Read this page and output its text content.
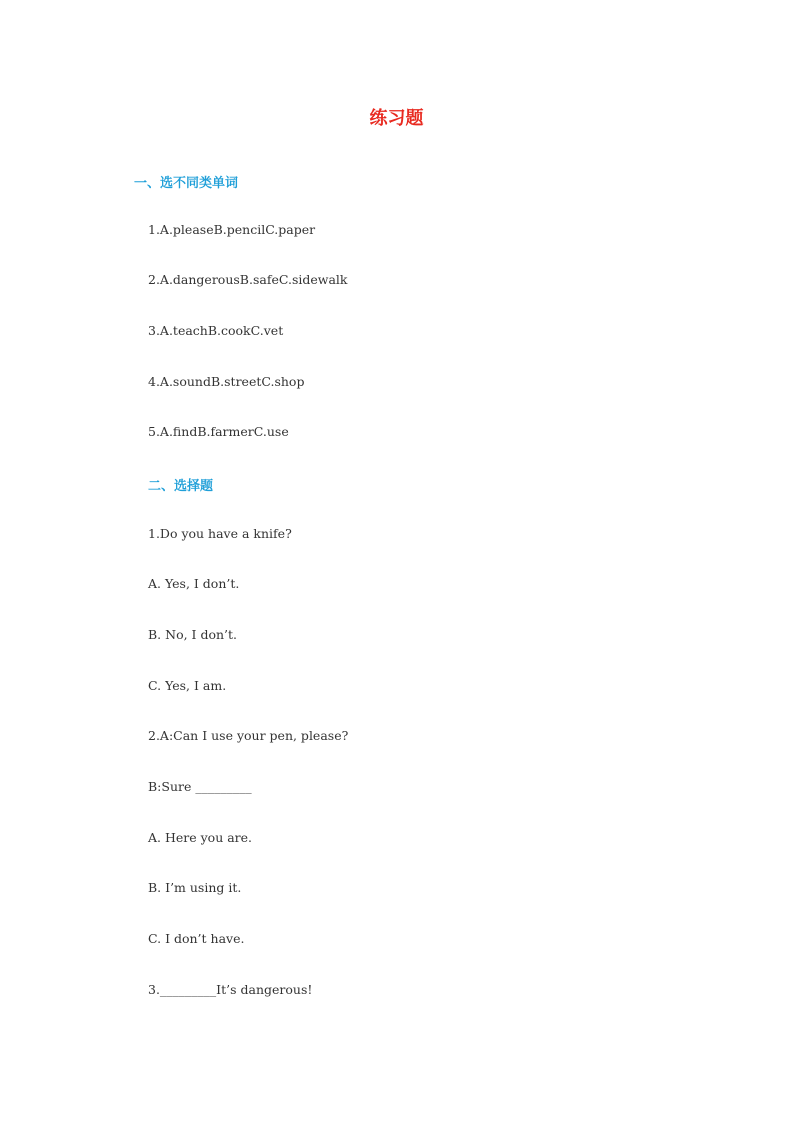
练习题
一、选不同类单词
1.A.pleaseB.pencilC.paper
2.A.dangerousB.safeC.sidewalk
3.A.teachB.cookC.vet
4.A.soundB.streetC.shop
5.A.findB.farmerC.use
二、选择题
1.Do you have a knife?
A. Yes, I don’t.
B. No, I don’t.
C. Yes, I am.
2.A:Can I use your pen, please?
B:Sure _________
A. Here you are.
B. I’m using it.
C. I don’t have.
3._________It’s dangerous!
